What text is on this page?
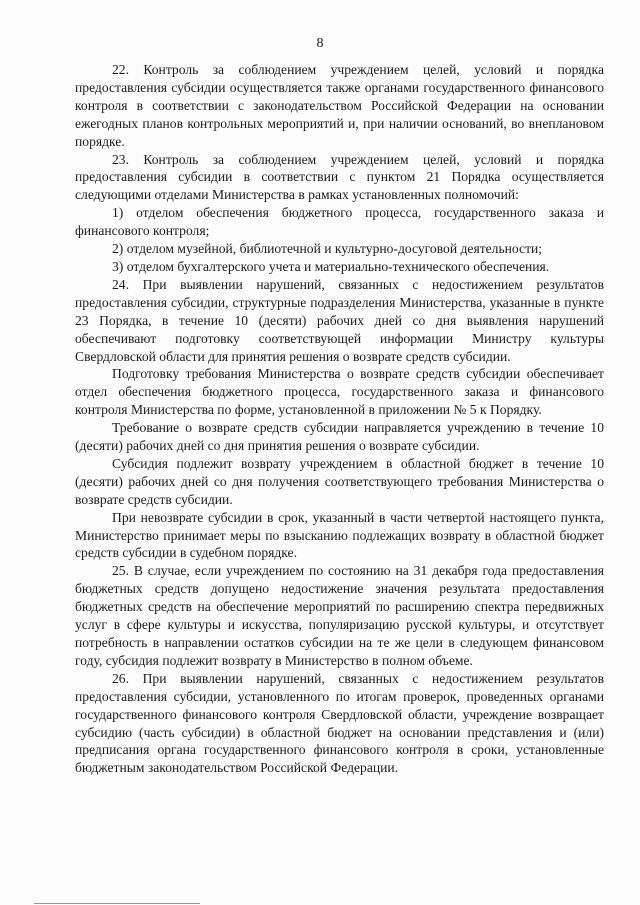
8

22. Контроль за соблюдением учреждением целей, условий и порядка предоставления субсидии осуществляется также органами государственного финансового контроля в соответствии с законодательством Российской Федерации на основании ежегодных планов контрольных мероприятий и, при наличии оснований, во внеплановом порядке.

23. Контроль за соблюдением учреждением целей, условий и порядка предоставления субсидии в соответствии с пунктом 21 Порядка осуществляется следующими отделами Министерства в рамках установленных полномочий:

1) отделом обеспечения бюджетного процесса, государственного заказа и финансового контроля;

2) отделом музейной, библиотечной и культурно-досуговой деятельности;

3) отделом бухгалтерского учета и материально-технического обеспечения.

24. При выявлении нарушений, связанных с недостижением результатов предоставления субсидии, структурные подразделения Министерства, указанные в пункте 23 Порядка, в течение 10 (десяти) рабочих дней со дня выявления нарушений обеспечивают подготовку соответствующей информации Министру культуры Свердловской области для принятия решения о возврате средств субсидии.

Подготовку требования Министерства о возврате средств субсидии обеспечивает отдел обеспечения бюджетного процесса, государственного заказа и финансового контроля Министерства по форме, установленной в приложении № 5 к Порядку.

Требование о возврате средств субсидии направляется учреждению в течение 10 (десяти) рабочих дней со дня принятия решения о возврате субсидии.

Субсидия подлежит возврату учреждением в областной бюджет в течение 10 (десяти) рабочих дней со дня получения соответствующего требования Министерства о возврате средств субсидии.

При невозврате субсидии в срок, указанный в части четвертой настоящего пункта, Министерство принимает меры по взысканию подлежащих возврату в областной бюджет средств субсидии в судебном порядке.

25. В случае, если учреждением по состоянию на 31 декабря года предоставления бюджетных средств допущено недостижение значения результата предоставления бюджетных средств на обеспечение мероприятий по расширению спектра передвижных услуг в сфере культуры и искусства, популяризацию русской культуры, и отсутствует потребность в направлении остатков субсидии на те же цели в следующем финансовом году, субсидия подлежит возврату в Министерство в полном объеме.

26. При выявлении нарушений, связанных с недостижением результатов предоставления субсидии, установленного по итогам проверок, проведенных органами государственного финансового контроля Свердловской области, учреждение возвращает субсидию (часть субсидии) в областной бюджет на основании представления и (или) предписания органа государственного финансового контроля в сроки, установленные бюджетным законодательством Российской Федерации.
